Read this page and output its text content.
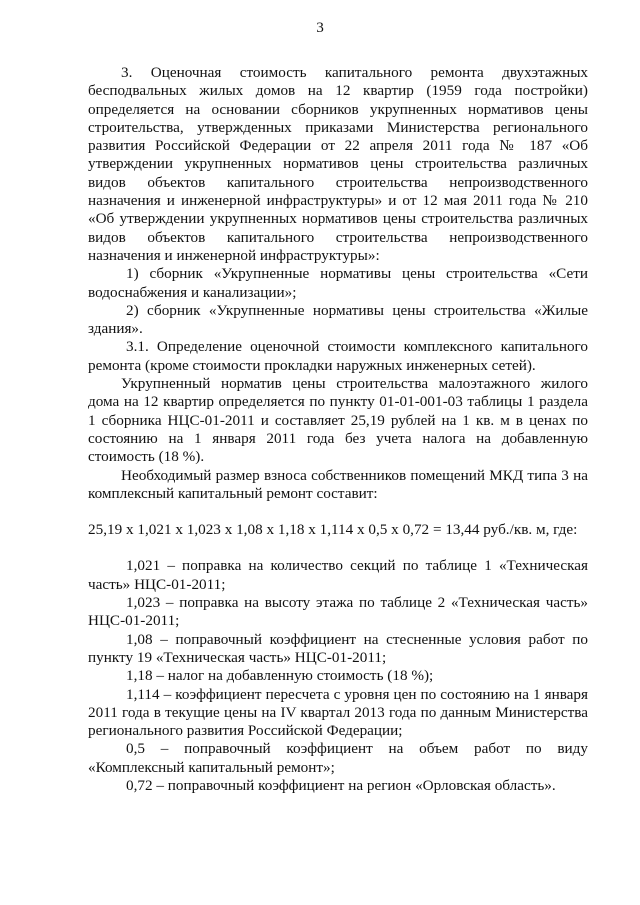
3

3. Оценочная стоимость капитального ремонта двухэтажных бесподвальных жилых домов на 12 квартир (1959 года постройки) определяется на основании сборников укрупненных нормативов цены строительства, утвержденных приказами Министерства регионального развития Российской Федерации от 22 апреля 2011 года № 187 «Об утверждении укрупненных нормативов цены строительства различных видов объектов капитального строительства непроизводственного назначения и инженерной инфраструктуры» и от 12 мая 2011 года № 210 «Об утверждении укрупненных нормативов цены строительства различных видов объектов капитального строительства непроизводственного назначения и инженерной инфраструктуры»:

1) сборник «Укрупненные нормативы цены строительства «Сети водоснабжения и канализации»;

2) сборник «Укрупненные нормативы цены строительства «Жилые здания».

3.1. Определение оценочной стоимости комплексного капитального ремонта (кроме стоимости прокладки наружных инженерных сетей).

Укрупненный норматив цены строительства малоэтажного жилого дома на 12 квартир определяется по пункту 01-01-001-03 таблицы 1 раздела 1 сборника НЦС-01-2011 и составляет 25,19 рублей на 1 кв. м в ценах по состоянию на 1 января 2011 года без учета налога на добавленную стоимость (18 %).

Необходимый размер взноса собственников помещений МКД типа 3 на комплексный капитальный ремонт составит:

25,19 x 1,021 x 1,023 x 1,08 x 1,18 x 1,114 x 0,5 x 0,72 = 13,44 руб./кв. м, где:

1,021 – поправка на количество секций по таблице 1 «Техническая часть» НЦС-01-2011;

1,023 – поправка на высоту этажа по таблице 2 «Техническая часть» НЦС-01-2011;

1,08 – поправочный коэффициент на стесненные условия работ по пункту 19 «Техническая часть» НЦС-01-2011;

1,18 – налог на добавленную стоимость (18 %);

1,114 – коэффициент пересчета с уровня цен по состоянию на 1 января 2011 года в текущие цены на IV квартал 2013 года по данным Министерства регионального развития Российской Федерации;

0,5 – поправочный коэффициент на объем работ по виду «Комплексный капитальный ремонт»;

0,72 – поправочный коэффициент на регион «Орловская область».
